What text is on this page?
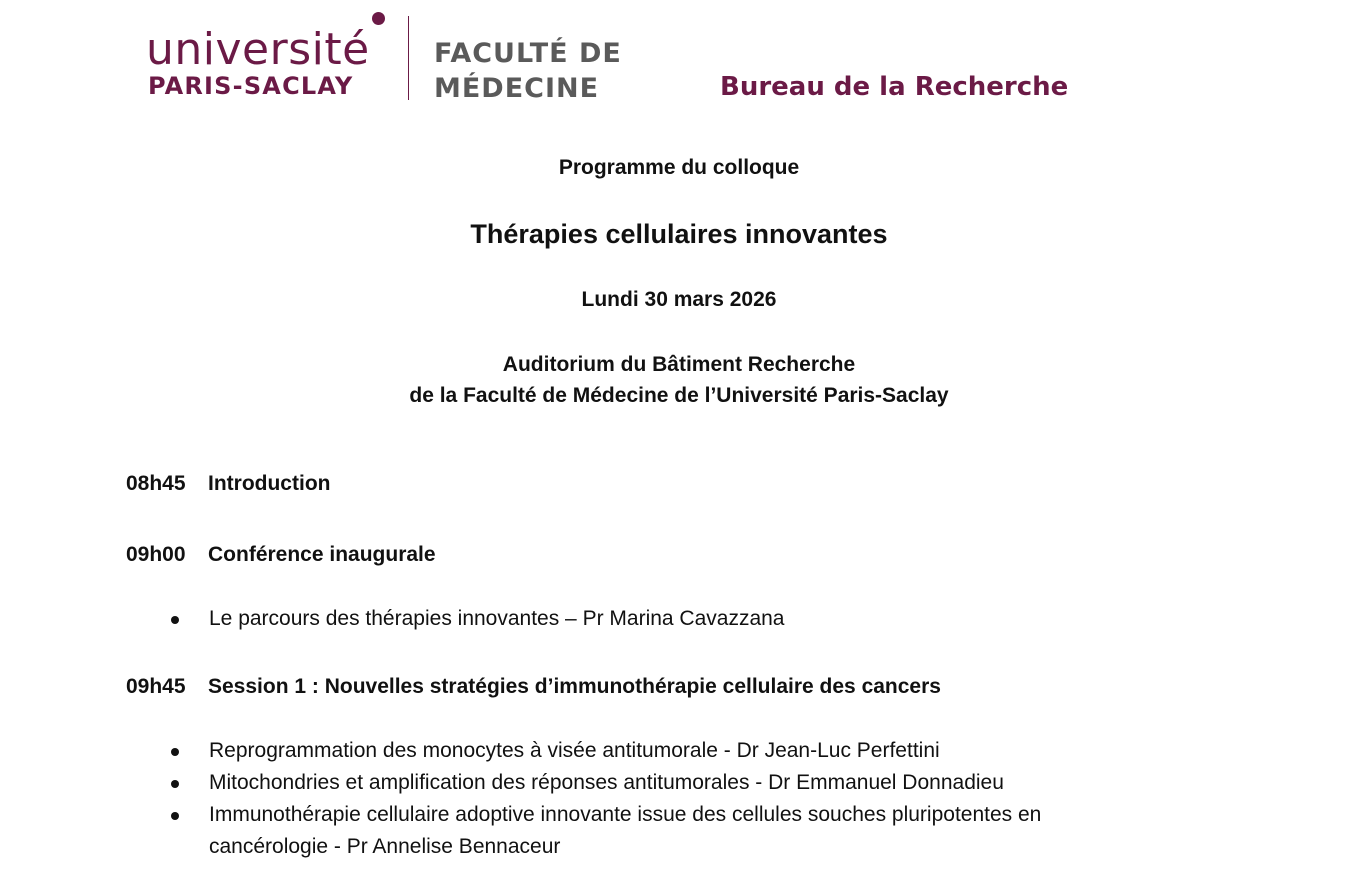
université
PARIS-SACLAY
FACULTÉ DE
MÉDECINE	Bureau de la Recherche
Programme du colloque
Thérapies cellulaires innovantes
Lundi 30 mars 2026
Auditorium du Bâtiment Recherche
de la Faculté de Médecine de l’Université Paris-Saclay
08h45 Introduction
09h00 Conférence inaugurale
Le parcours des thérapies innovantes – Pr Marina Cavazzana
09h45 Session 1 : Nouvelles stratégies d’immunothérapie cellulaire des cancers
Reprogrammation des monocytes à visée antitumorale - Dr Jean-Luc Perfettini
Mitochondries et amplification des réponses antitumorales - Dr Emmanuel Donnadieu
Immunothérapie cellulaire adoptive innovante issue des cellules souches pluripotentes en cancérologie - Pr Annelise Bennaceur
